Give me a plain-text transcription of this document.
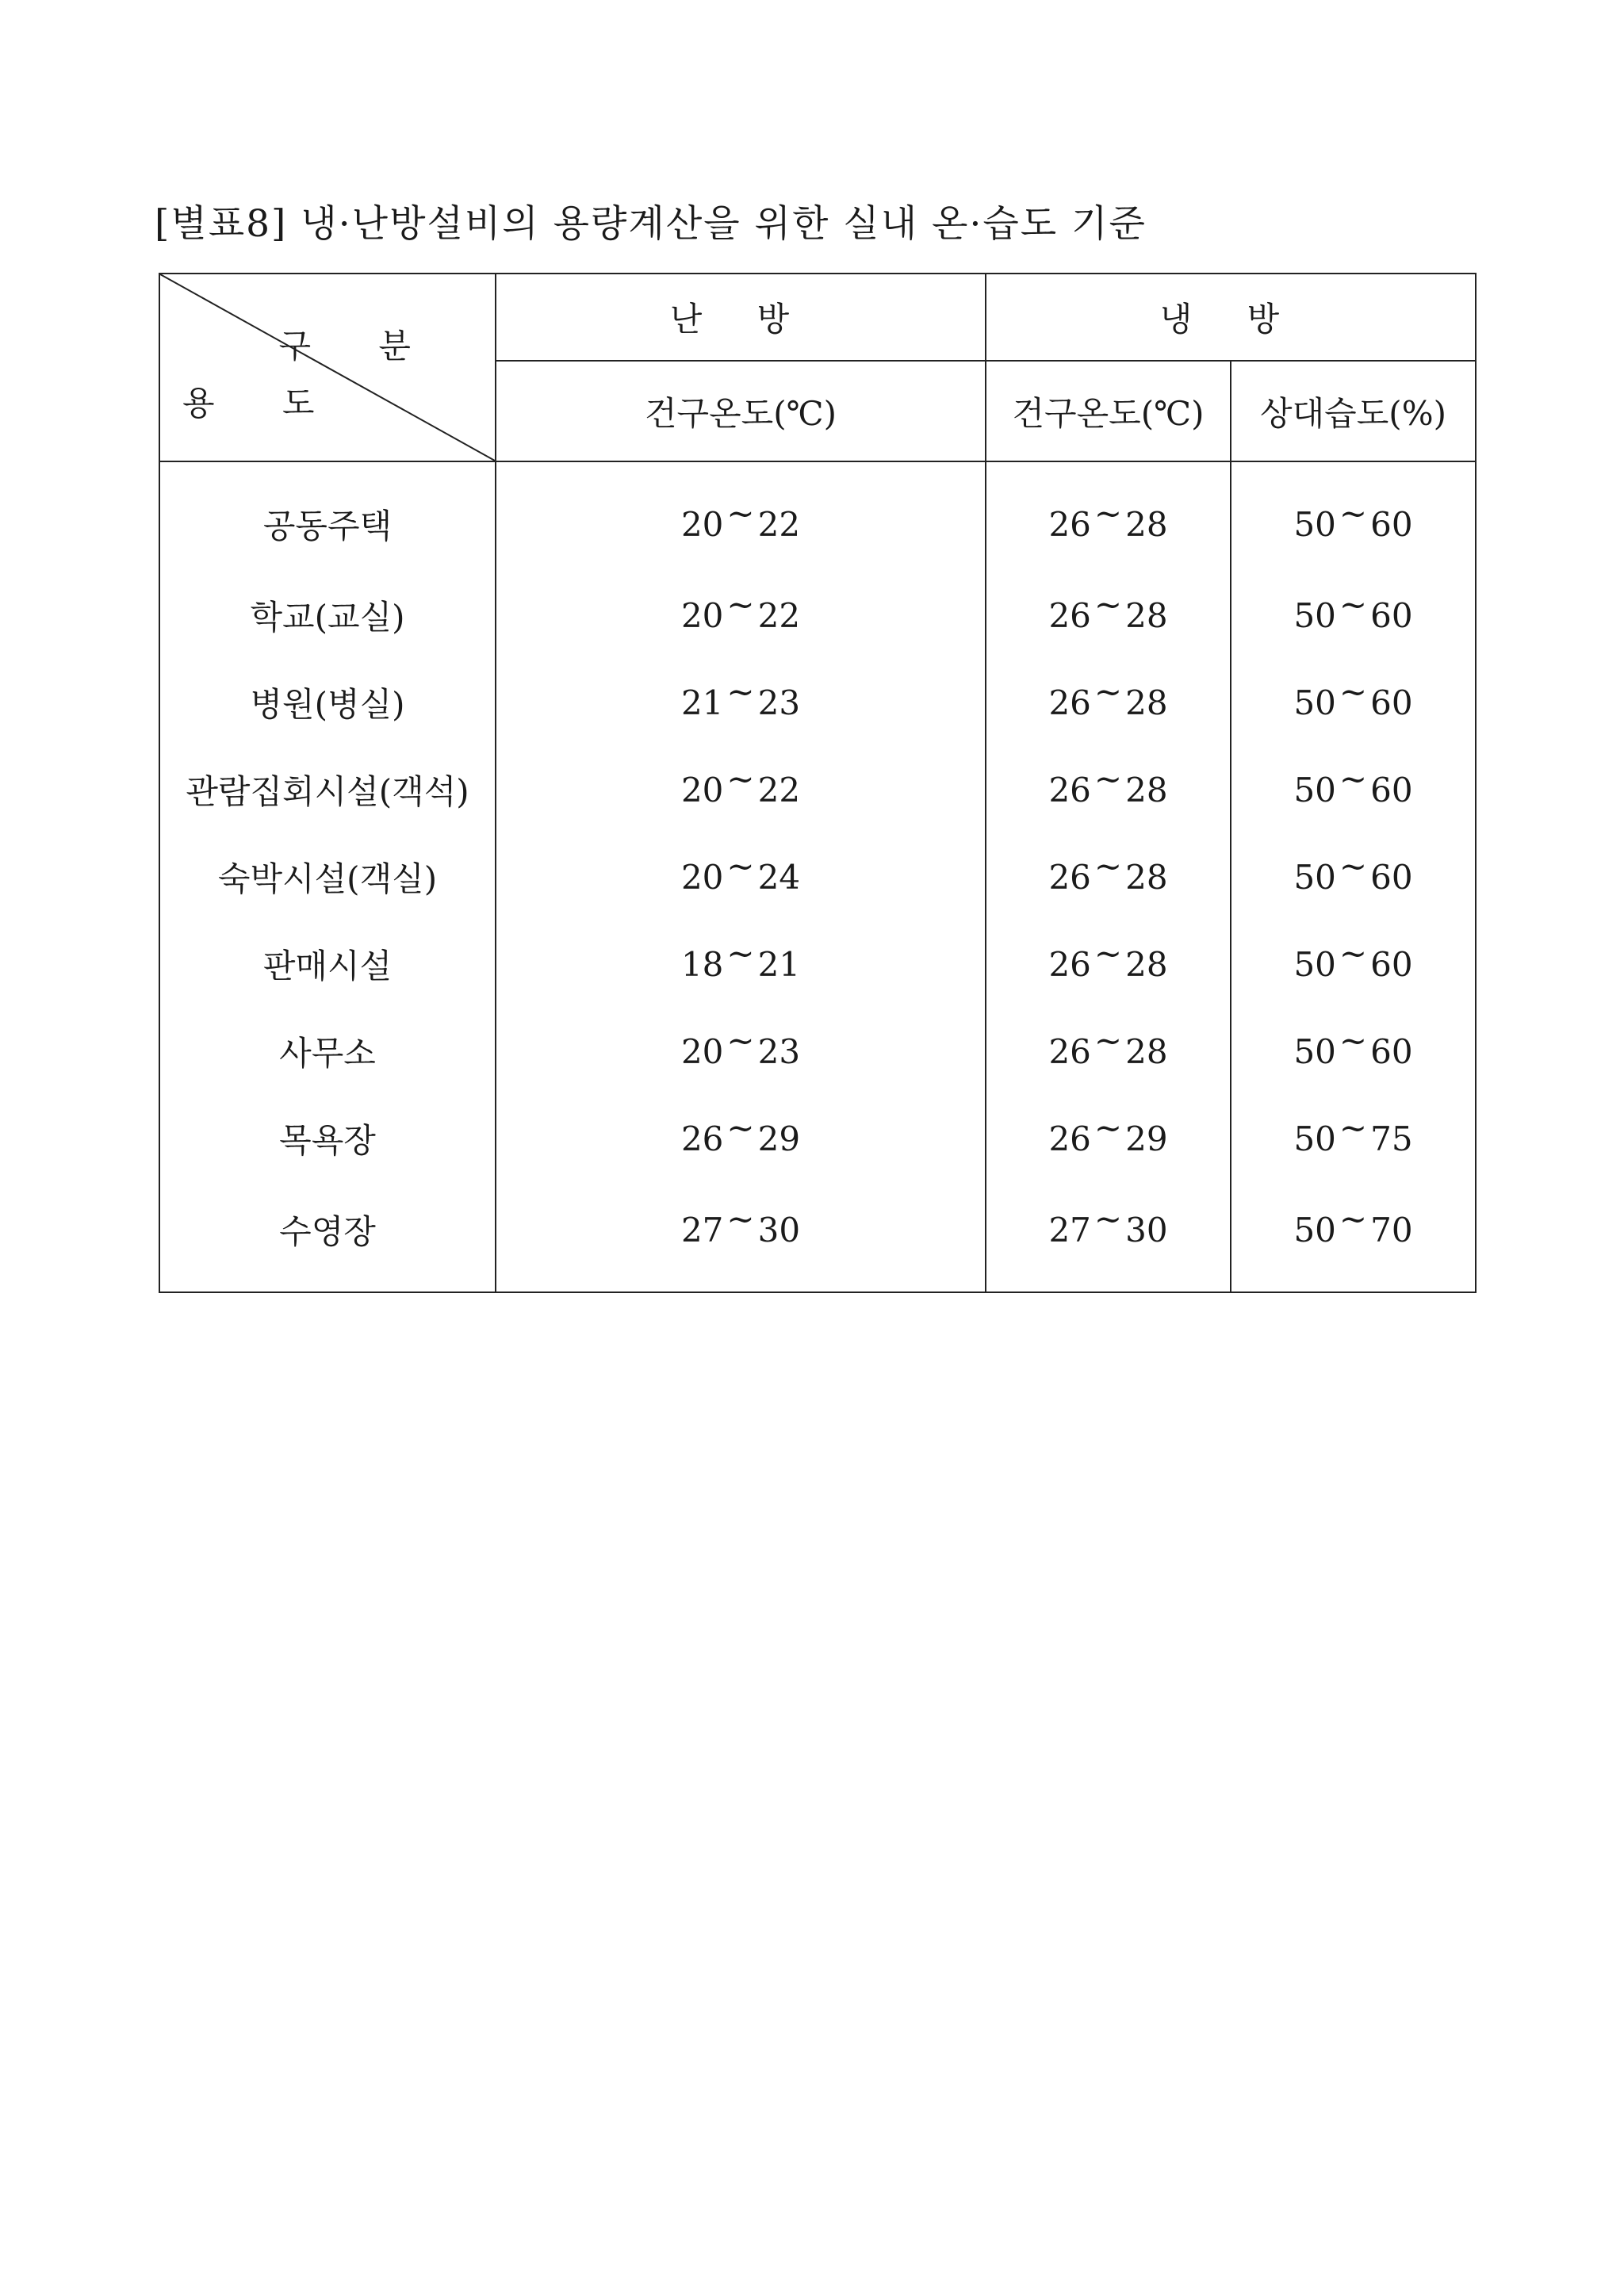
[별표8] 냉·난방설비의 용량계산을 위한 실내 온·습도 기준
구 분
용 도	난 방	냉 방	
	건구온도(℃)	건구온도(℃)	상대습도(%)
공동주택	20~22	26~28	50~60
학교(교실)	20~22	26~28	50~60
병원(병실)	21~23	26~28	50~60
관람집회시설(객석)	20~22	26~28	50~60
숙박시설(객실)	20~24	26~28	50~60
판매시설	18~21	26~28	50~60
사무소	20~23	26~28	50~60
목욕장	26~29	26~29	50~75
수영장	27~30	27~30	50~70
